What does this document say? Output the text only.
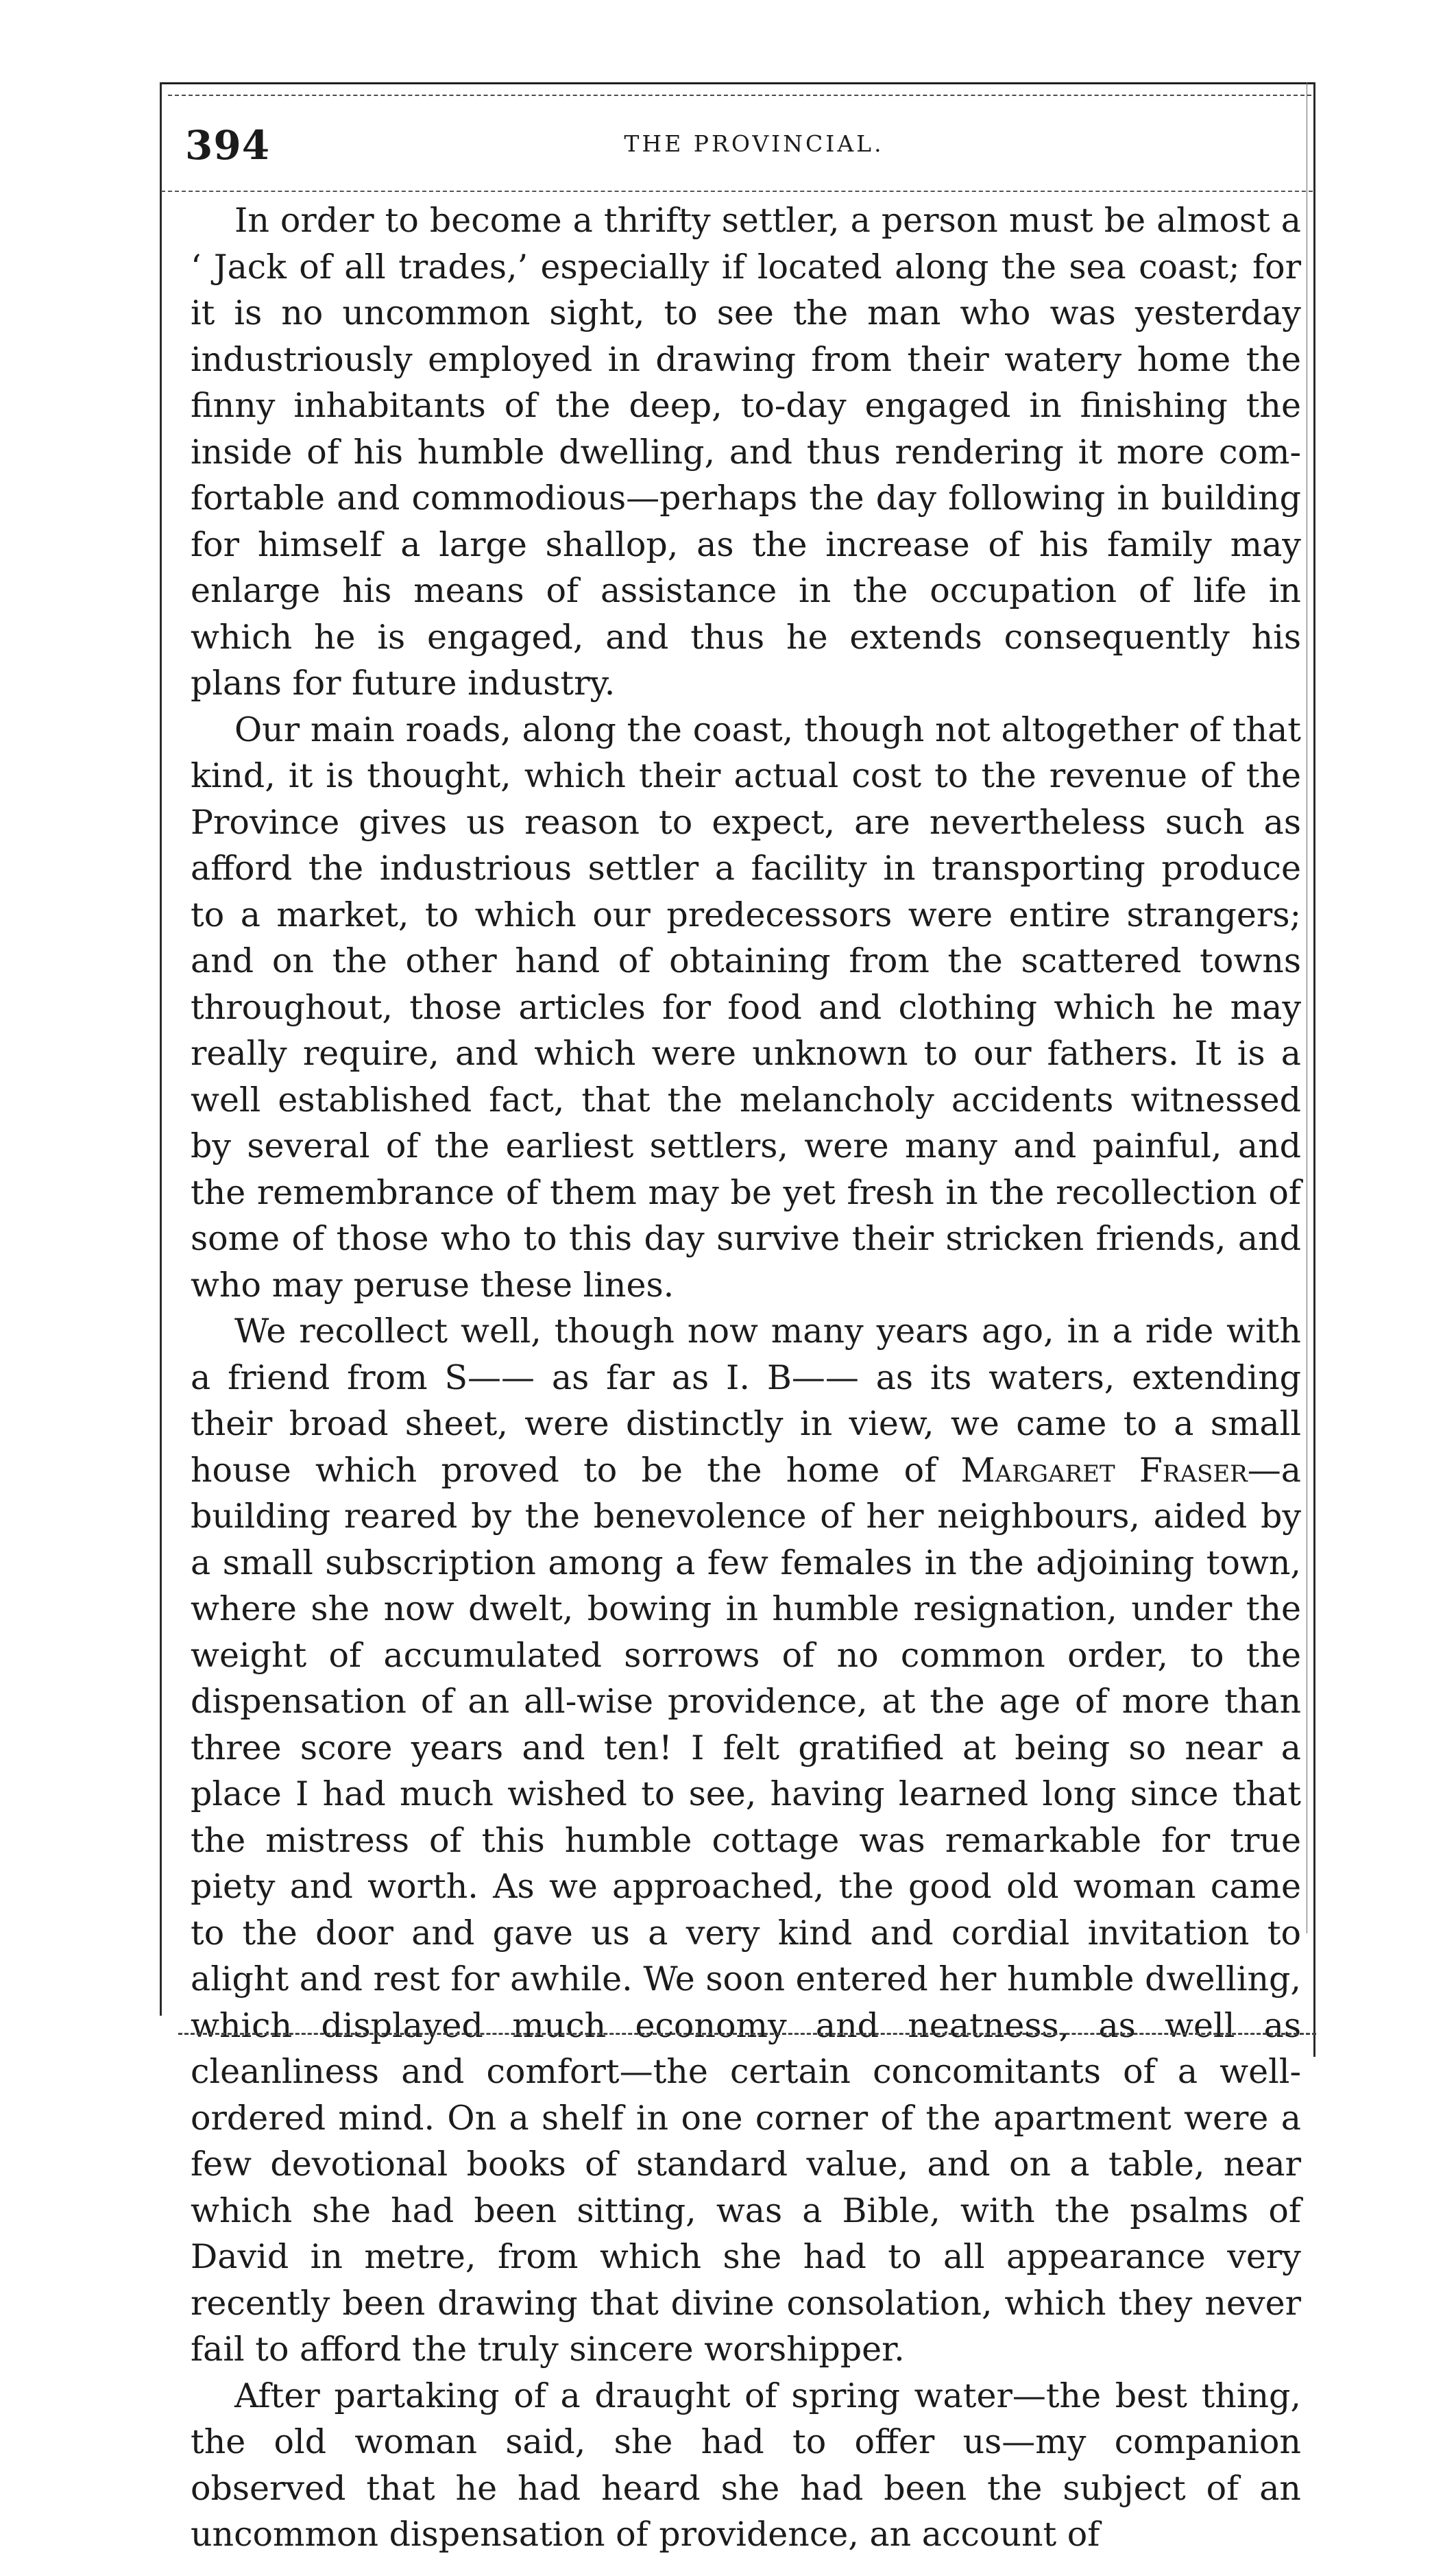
394	THE PROVINCIAL.

In order to become a thrifty settler, a person must be almost a ‘ Jack of all trades,’ especially if located along the sea coast; for it is no uncommon sight, to see the man who was yesterday industriously employed in drawing from their watery home the finny inhabitants of the deep, to-day engaged in finishing the inside of his humble dwelling, and thus rendering it more comfortable and commodious—perhaps the day following in building for himself a large shallop, as the increase of his family may enlarge his means of assistance in the occupation of life in which he is engaged, and thus he extends consequently his plans for future industry.

Our main roads, along the coast, though not altogether of that kind, it is thought, which their actual cost to the revenue of the Province gives us reason to expect, are nevertheless such as afford the industrious settler a facility in transporting produce to a market, to which our predecessors were entire strangers; and on the other hand of obtaining from the scattered towns throughout, those articles for food and clothing which he may really require, and which were unknown to our fathers. It is a well established fact, that the melancholy accidents witnessed by several of the earliest settlers, were many and painful, and the remembrance of them may be yet fresh in the recollection of some of those who to this day survive their stricken friends, and who may peruse these lines.

We recollect well, though now many years ago, in a ride with a friend from S—— as far as I. B—— as its waters, extending their broad sheet, were distinctly in view, we came to a small house which proved to be the home of Margaret Fraser—a building reared by the benevolence of her neighbours, aided by a small subscription among a few females in the adjoining town, where she now dwelt, bowing in humble resignation, under the weight of accumulated sorrows of no common order, to the dispensation of an all-wise providence, at the age of more than three score years and ten! I felt gratified at being so near a place I had much wished to see, having learned long since that the mistress of this humble cottage was remarkable for true piety and worth. As we approached, the good old woman came to the door and gave us a very kind and cordial invitation to alight and rest for awhile. We soon entered her humble dwelling, which displayed much economy and neatness, as well as cleanliness and comfort—the certain concomitants of a well-ordered mind. On a shelf in one corner of the apartment were a few devotional books of standard value, and on a table, near which she had been sitting, was a Bible, with the psalms of David in metre, from which she had to all appearance very recently been drawing that divine consolation, which they never fail to afford the truly sincere worshipper.

After partaking of a draught of spring water—the best thing, the old woman said, she had to offer us—my companion observed that he had heard she had been the subject of an uncommon dispensation of providence, an account of
